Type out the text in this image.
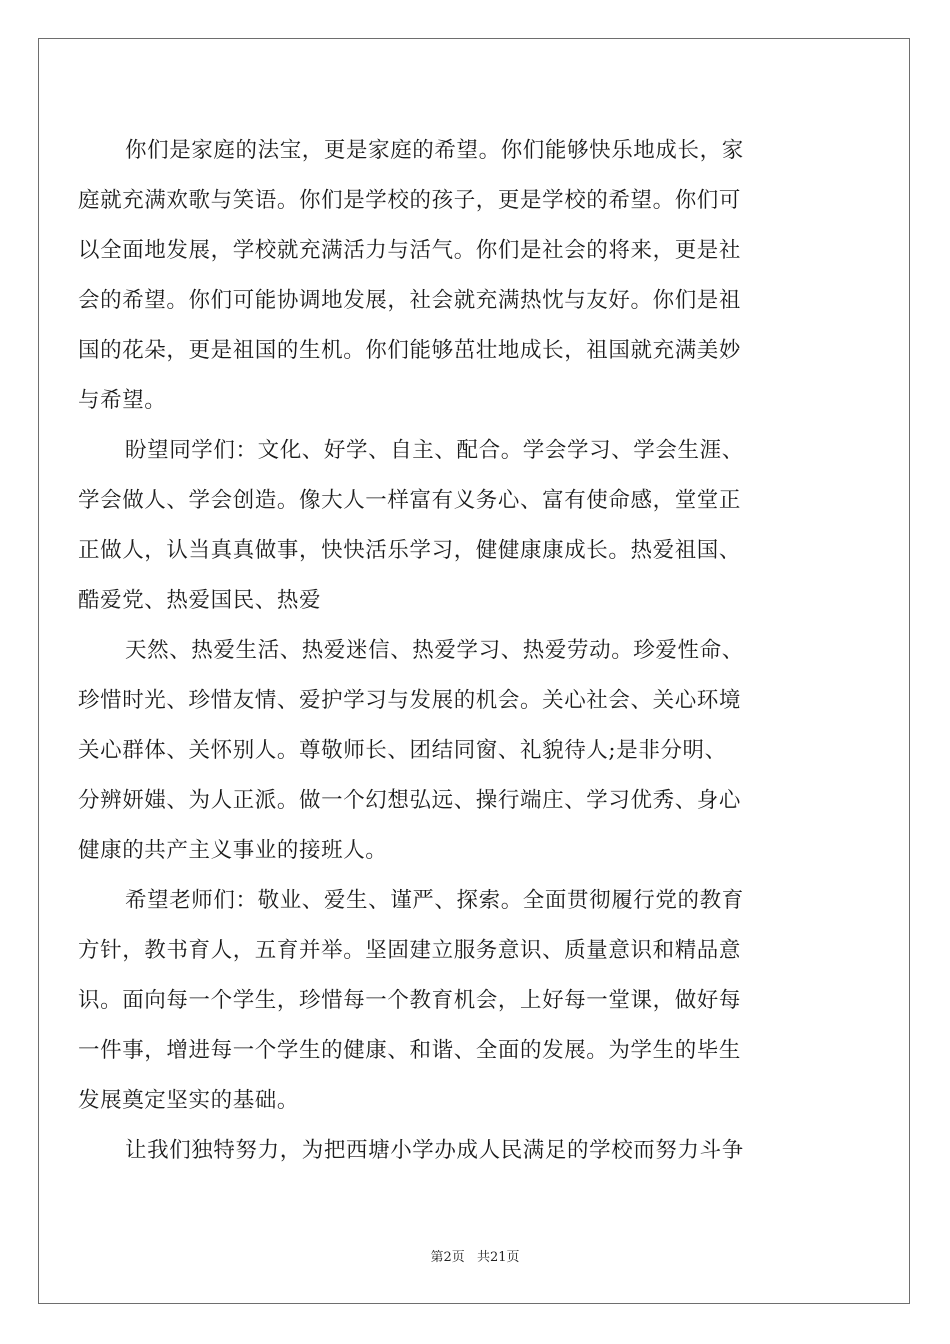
你们是家庭的法宝，更是家庭的希望。你们能够快乐地成长，家
庭就充满欢歌与笑语。你们是学校的孩子，更是学校的希望。你们可
以全面地发展，学校就充满活力与活气。你们是社会的将来，更是社
会的希望。你们可能协调地发展，社会就充满热忱与友好。你们是祖
国的花朵，更是祖国的生机。你们能够茁壮地成长，祖国就充满美妙
与希望。
盼望同学们：文化、好学、自主、配合。学会学习、学会生涯、
学会做人、学会创造。像大人一样富有义务心、富有使命感，堂堂正
正做人，认当真真做事，快快活乐学习，健健康康成长。热爱祖国、
酷爱党、热爱国民、热爱
天然、热爱生活、热爱迷信、热爱学习、热爱劳动。珍爱性命、
珍惜时光、珍惜友情、爱护学习与发展的机会。关心社会、关心环境
关心群体、关怀别人。尊敬师长、团结同窗、礼貌待人;是非分明、
分辨妍媸、为人正派。做一个幻想弘远、操行端庄、学习优秀、身心
健康的共产主义事业的接班人。
希望老师们：敬业、爱生、谨严、探索。全面贯彻履行党的教育
方针，教书育人，五育并举。坚固建立服务意识、质量意识和精品意
识。面向每一个学生，珍惜每一个教育机会，上好每一堂课，做好每
一件事，增进每一个学生的健康、和谐、全面的发展。为学生的毕生
发展奠定坚实的基础。
让我们独特努力，为把西塘小学办成人民满足的学校而努力斗争
第2页 共21页
